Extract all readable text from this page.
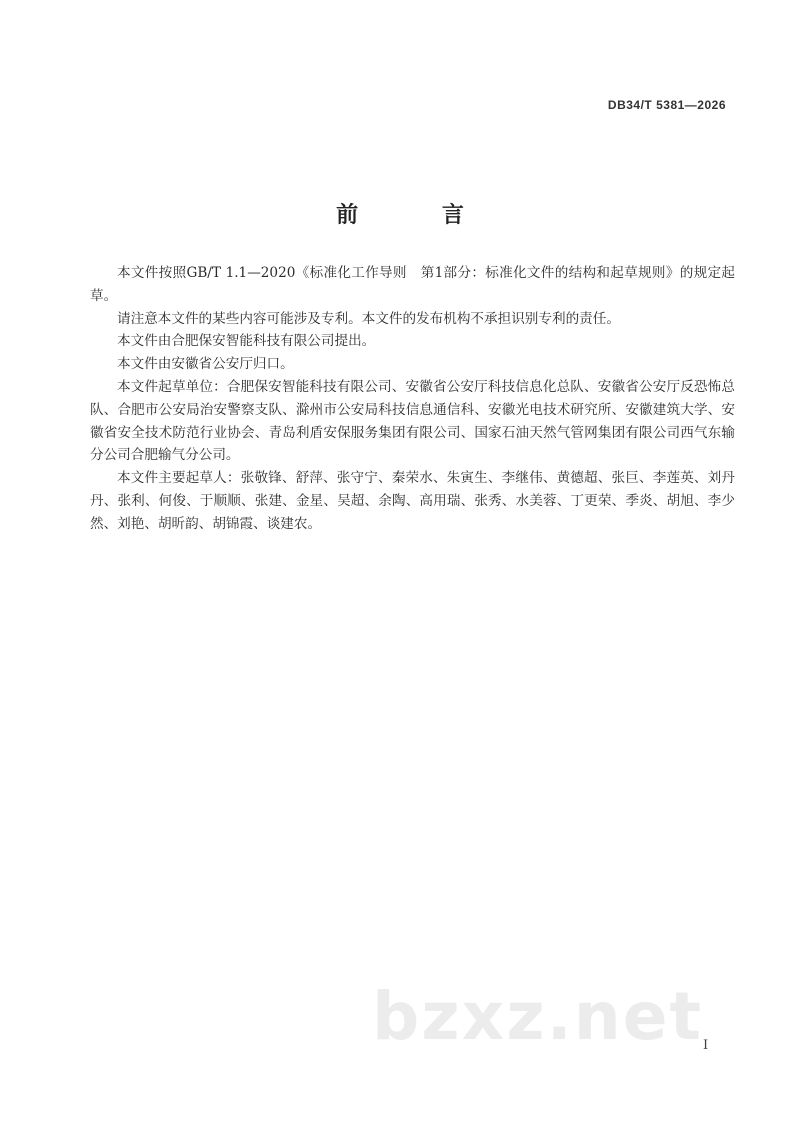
DB34/T 5381—2026
前 言

本文件按照GB/T 1.1—2020《标准化工作导则　第1部分：标准化文件的结构和起草规则》的规定起草。

请注意本文件的某些内容可能涉及专利。本文件的发布机构不承担识别专利的责任。

本文件由合肥保安智能科技有限公司提出。

本文件由安徽省公安厅归口。

本文件起草单位：合肥保安智能科技有限公司、安徽省公安厅科技信息化总队、安徽省公安厅反恐怖总队、合肥市公安局治安警察支队、滁州市公安局科技信息通信科、安徽光电技术研究所、安徽建筑大学、安徽省安全技术防范行业协会、青岛利盾安保服务集团有限公司、国家石油天然气管网集团有限公司西气东输分公司合肥输气分公司。

本文件主要起草人：张敬锋、舒萍、张守宁、秦荣水、朱寅生、李继伟、黄德超、张巨、李莲英、刘丹丹、张利、何俊、于顺顺、张建、金星、吴超、余陶、高用瑞、张秀、水美蓉、丁更荣、季炎、胡旭、李少然、刘艳、胡昕韵、胡锦霞、谈建农。

bzxz.net I
